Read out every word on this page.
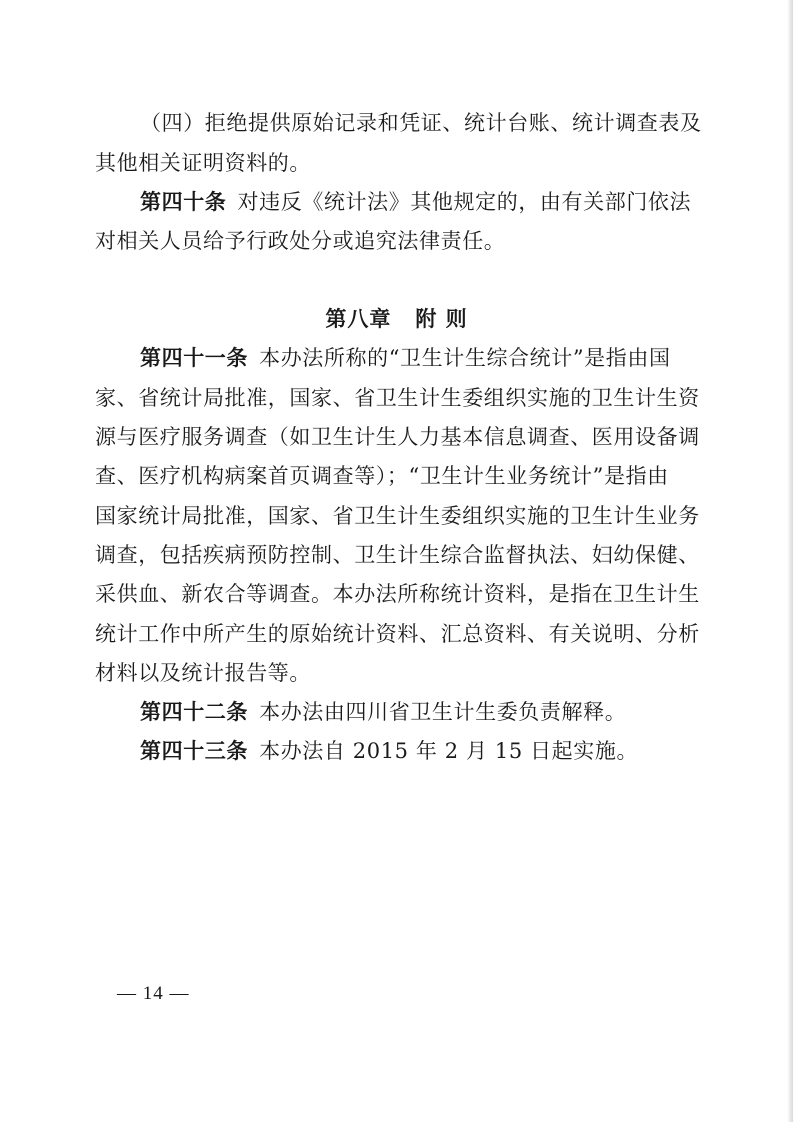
（四）拒绝提供原始记录和凭证、统计台账、统计调查表及
其他相关证明资料的。
第四十条  对违反《统计法》其他规定的，由有关部门依法
对相关人员给予行政处分或追究法律责任。
第八章 附 则
第四十一条  本办法所称的“卫生计生综合统计”是指由国
家、省统计局批准，国家、省卫生计生委组织实施的卫生计生资
源与医疗服务调查（如卫生计生人力基本信息调查、医用设备调
查、医疗机构病案首页调查等）；“卫生计生业务统计”是指由
国家统计局批准，国家、省卫生计生委组织实施的卫生计生业务
调查，包括疾病预防控制、卫生计生综合监督执法、妇幼保健、
采供血、新农合等调查。本办法所称统计资料，是指在卫生计生
统计工作中所产生的原始统计资料、汇总资料、有关说明、分析
材料以及统计报告等。
第四十二条  本办法由四川省卫生计生委负责解释。
第四十三条  本办法自 2015 年 2 月 15 日起实施。
— 14 —
